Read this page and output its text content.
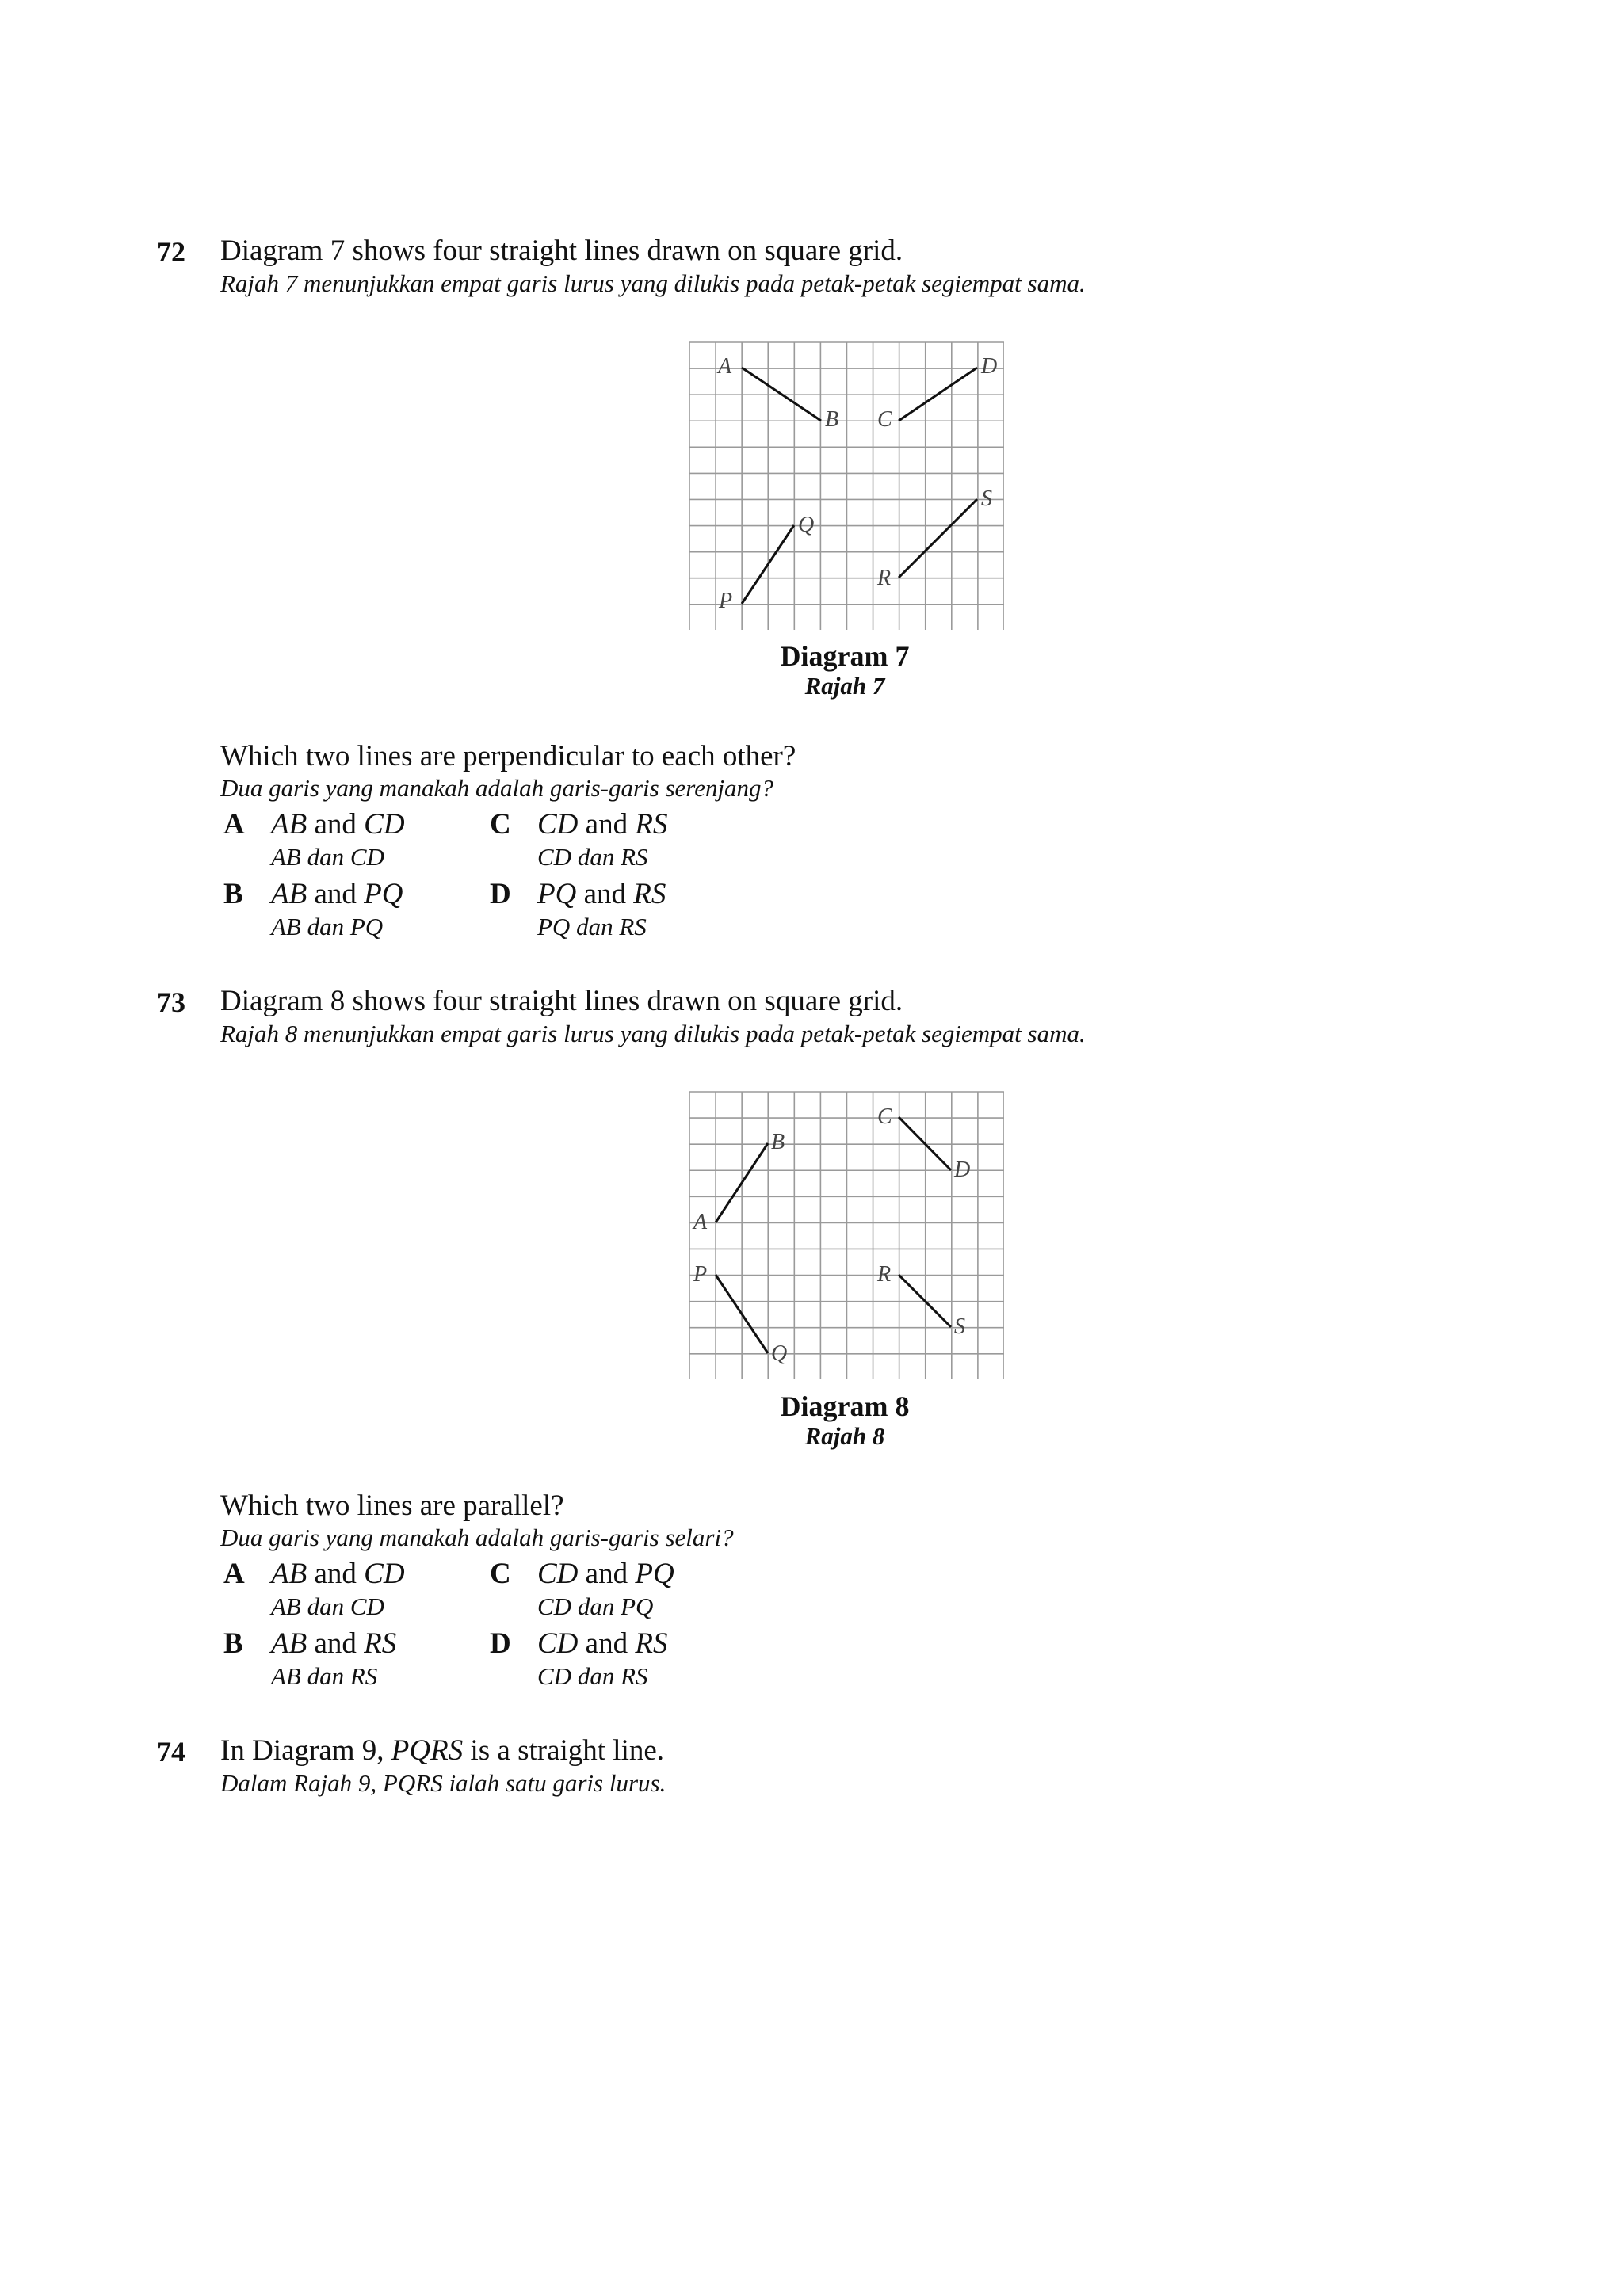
72 Diagram 7 shows four straight lines drawn on square grid.
Rajah 7 menunjukkan empat garis lurus yang dilukis pada petak-petak segiempat sama.
A
B C
D
P
Q
R
S
Diagram 7
Rajah 7
Which two lines are perpendicular to each other?
Dua garis yang manakah adalah garis-garis serenjang?
A AB and CD
AB dan CD
B AB and PQ
AB dan PQ
C CD and RS
CD dan RS
D PQ and RS
PQ dan RS
73 Diagram 8 shows four straight lines drawn on square grid.
Rajah 8 menunjukkan empat garis lurus yang dilukis pada petak-petak segiempat sama.
A
B
C
D
P
Q
R
S
Diagram 8
Rajah 8
Which two lines are parallel?
Dua garis yang manakah adalah garis-garis selari?
A AB and CD
AB dan CD
B AB and RS
AB dan RS
C CD and PQ
CD dan PQ
D CD and RS
CD dan RS
74 In Diagram 9, PQRS is a straight line.
Dalam Rajah 9, PQRS ialah satu garis lurus.
